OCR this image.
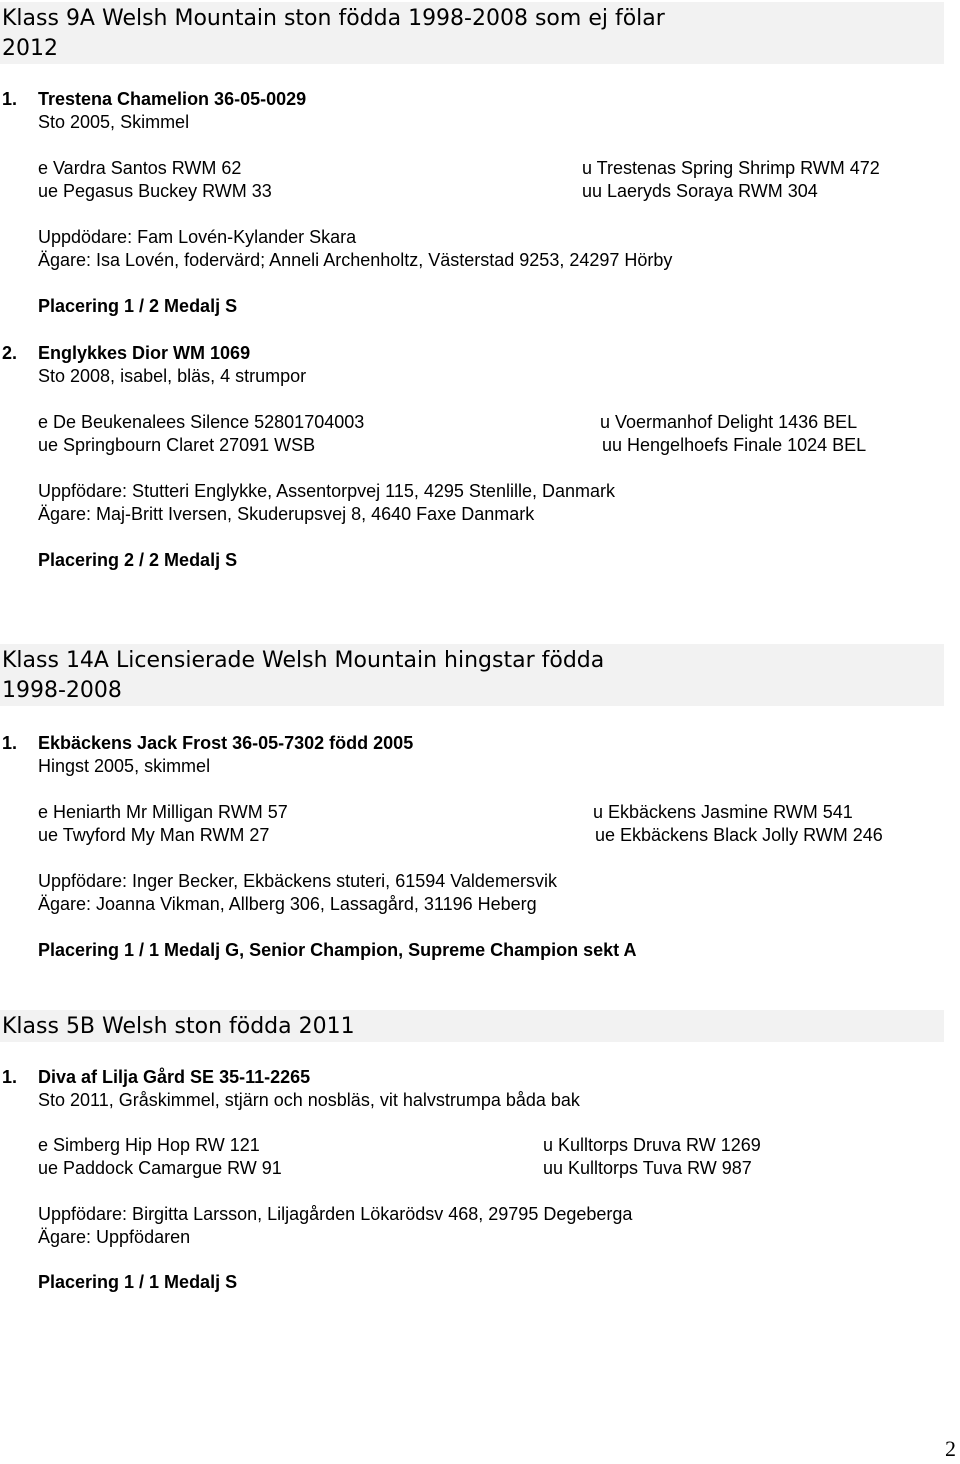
Klass 9A Welsh Mountain ston födda 1998-2008 som ej fölar
2012
1. Trestena Chamelion 36-05-0029
Sto 2005, Skimmel
e Vardra Santos RWM 62	u Trestenas Spring Shrimp RWM 472
ue Pegasus Buckey RWM 33	uu Laeryds Soraya RWM 304
Uppdödare: Fam Lovén-Kylander Skara
Ägare: Isa Lovén, fodervärd; Anneli Archenholtz, Västerstad 9253, 24297 Hörby
Placering 1 / 2 Medalj S
2. Englykkes Dior WM 1069
Sto 2008, isabel, bläs, 4 strumpor
e De Beukenalees Silence 52801704003	u Voermanhof Delight 1436 BEL
ue Springbourn Claret 27091 WSB	uu Hengelhoefs Finale 1024 BEL
Uppfödare: Stutteri Englykke, Assentorpvej 115, 4295 Stenlille, Danmark
Ägare: Maj-Britt Iversen, Skuderupsvej 8, 4640 Faxe Danmark
Placering 2 / 2 Medalj S
Klass 14A Licensierade Welsh Mountain hingstar födda
1998-2008
1. Ekbäckens Jack Frost 36-05-7302 född 2005
Hingst 2005, skimmel
e Heniarth Mr Milligan RWM 57	u Ekbäckens Jasmine RWM 541
ue Twyford My Man RWM 27	ue Ekbäckens Black Jolly RWM 246
Uppfödare: Inger Becker, Ekbäckens stuteri, 61594 Valdemersvik
Ägare: Joanna Vikman, Allberg 306, Lassagård, 31196 Heberg
Placering 1 / 1 Medalj G, Senior Champion, Supreme Champion sekt A
Klass 5B Welsh ston födda 2011
1. Diva af Lilja Gård SE 35-11-2265
Sto 2011, Gråskimmel, stjärn och nosbläs, vit halvstrumpa båda bak
e Simberg Hip Hop RW 121	u Kulltorps Druva RW 1269
ue Paddock Camargue RW 91	uu Kulltorps Tuva RW 987
Uppfödare: Birgitta Larsson, Liljagården Lökarödsv 468, 29795 Degeberga
Ägare: Uppfödaren
Placering 1 / 1 Medalj S
2
